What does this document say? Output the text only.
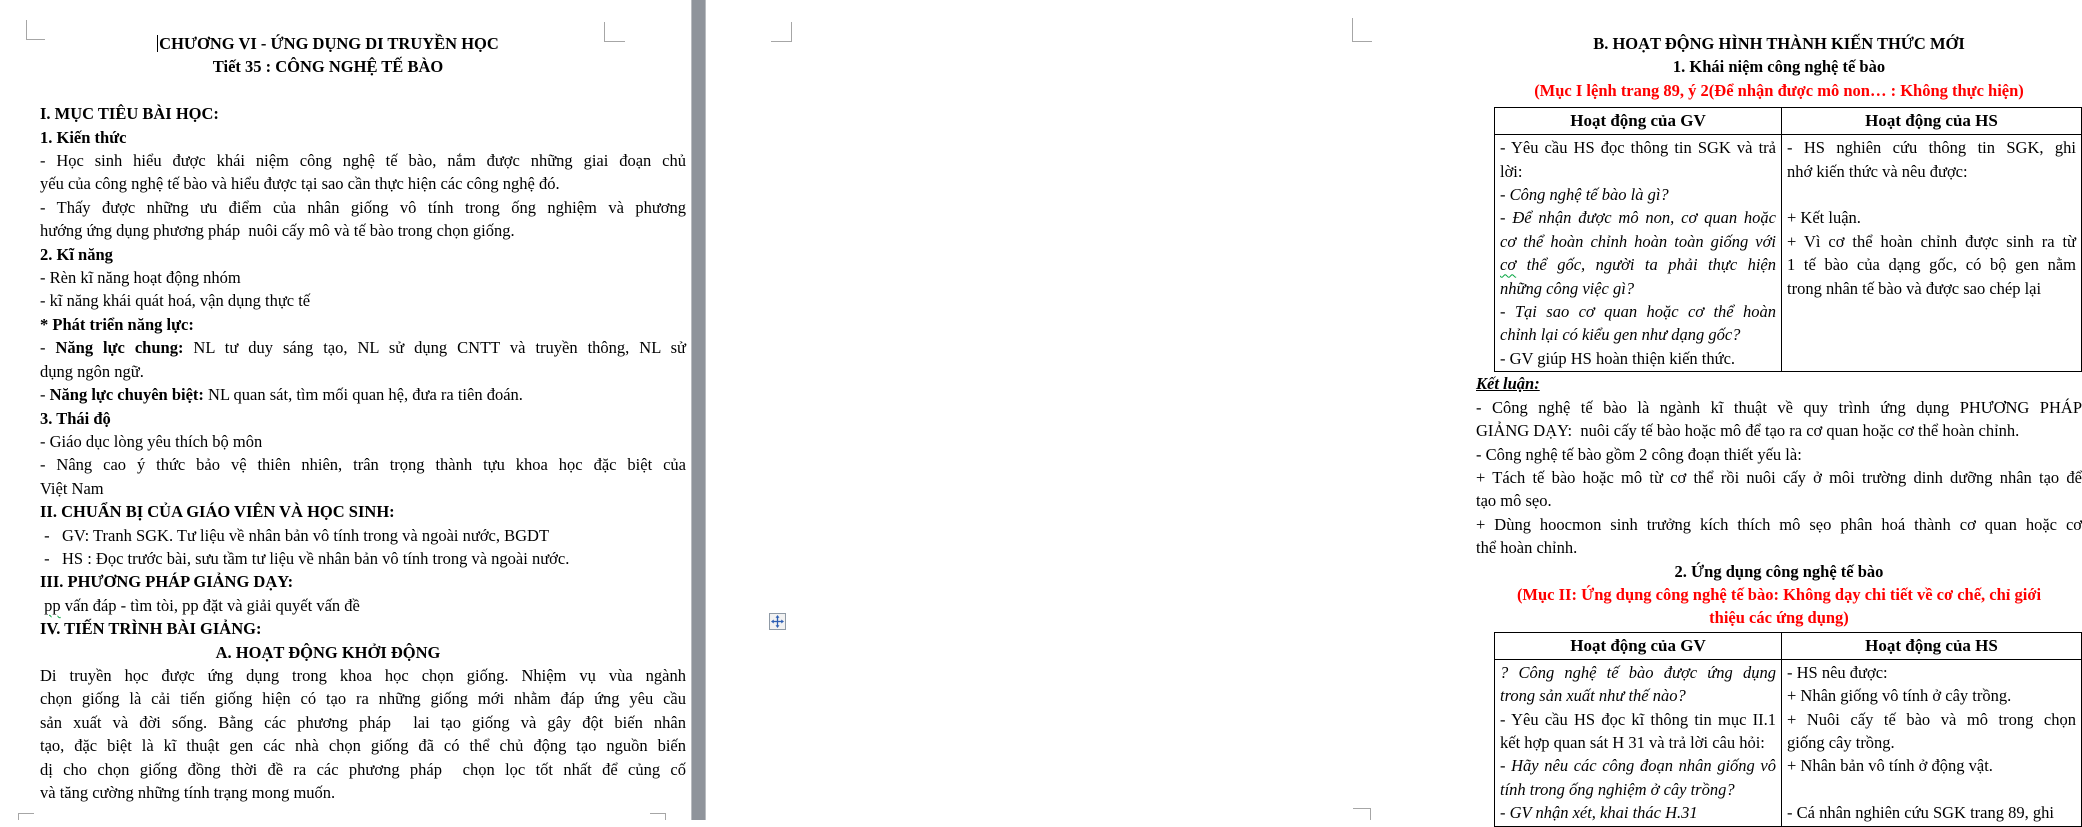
CHƯƠNG VI - ỨNG DỤNG DI TRUYỀN HỌC
Tiết 35 : CÔNG NGHỆ TẾ BÀO

I. MỤC TIÊU BÀI HỌC:
1. Kiến thức
- Học sinh hiểu được khái niệm công nghệ tế bào, nắm được những giai đoạn chủ
yếu của công nghệ tế bào và hiểu được tại sao cần thực hiện các công nghệ đó.
- Thấy được những ưu điểm của nhân giống vô tính trong ống nghiệm và phương
hướng ứng dụng phương pháp  nuôi cấy mô và tế bào trong chọn giống.
2. Kĩ năng
- Rèn kĩ năng hoạt động nhóm
- kĩ năng khái quát hoá, vận dụng thực tế
* Phát triển năng lực:
- Năng lực chung: NL tư duy sáng tạo, NL sử dụng CNTT và truyền thông, NL sử
dụng ngôn ngữ.
- Năng lực chuyên biệt: NL quan sát, tìm mối quan hệ, đưa ra tiên đoán.
3. Thái độ
- Giáo dục lòng yêu thích bộ môn
- Nâng cao ý thức bảo vệ thiên nhiên, trân trọng thành tựu khoa học đặc biệt của
Việt Nam
II. CHUẨN BỊ CỦA GIÁO VIÊN VÀ HỌC SINH:
-   GV: Tranh SGK. Tư liệu về nhân bản vô tính trong và ngoài nước, BGDT
-   HS : Đọc trước bài, sưu tầm tư liệu về nhân bản vô tính trong và ngoài nước.
III. PHƯƠNG PHÁP GIẢNG DẠY:
pp vấn đáp - tìm tòi, pp đặt và giải quyết vấn đề
IV. TIẾN TRÌNH BÀI GIẢNG:
A. HOẠT ĐỘNG KHỞI ĐỘNG
Di truyền học được ứng dụng trong khoa học chọn giống. Nhiệm vụ vùa ngành
chọn giống là cải tiến giống hiện có tạo ra những giống mới nhằm đáp ứng yêu cầu
sản xuất và đời sống. Bằng các phương pháp  lai tạo giống và gây đột biến nhân
tạo, đặc biệt là kĩ thuật gen các nhà chọn giống đã có thể chủ động tạo nguồn biến
dị cho chọn giống đồng thời đề ra các phương pháp  chọn lọc tốt nhất để củng cố
và tăng cường những tính trạng mong muốn.
B. HOẠT ĐỘNG HÌNH THÀNH KIẾN THỨC MỚI
1. Khái niệm công nghệ tế bào
(Mục I lệnh trang 89, ý 2(Để nhận được mô non… : Không thực hiện)
Hoạt động của GV	Hoạt động của HS

- Yêu cầu HS đọc thông tin SGK và trả
lời:
- Công nghệ tế bào là gì?
- Để nhận được mô non, cơ quan hoặc
cơ thể hoàn chỉnh hoàn toàn giống với
cơ thể gốc, người ta phải thực hiện
những công việc gì?
- Tại sao cơ quan hoặc cơ thể hoàn
chỉnh lại có kiểu gen như dạng gốc?
- GV giúp HS hoàn thiện kiến thức.

- HS nghiên cứu thông tin SGK, ghi
nhớ kiến thức và nêu được:

+ Kết luận.
+ Vì cơ thể hoàn chỉnh được sinh ra từ
1 tế bào của dạng gốc, có bộ gen nằm
trong nhân tế bào và được sao chép lại
Kết luận:
- Công nghệ tế bào là ngành kĩ thuật về quy trình ứng dụng PHƯƠNG PHÁP
GIẢNG DẠY:  nuôi cấy tế bào hoặc mô để tạo ra cơ quan hoặc cơ thể hoàn chỉnh.
- Công nghệ tế bào gồm 2 công đoạn thiết yếu là:
+ Tách tế bào hoặc mô từ cơ thể rồi nuôi cấy ở môi trường dinh dưỡng nhân tạo để
tạo mô sẹo.
+ Dùng hoocmon sinh trưởng kích thích mô sẹo phân hoá thành cơ quan hoặc cơ
thể hoàn chỉnh.
2. Ứng dụng công nghệ tế bào
(Mục II: Ứng dụng công nghệ tế bào: Không dạy chi tiết về cơ chế, chỉ giới
thiệu các ứng dụng)
Hoạt động của GV	Hoạt động của HS

? Công nghệ tế bào được ứng dụng
trong sản xuất như thế nào?
- Yêu cầu HS đọc kĩ thông tin mục II.1
kết hợp quan sát H 31 và trả lời câu hỏi:
- Hãy nêu các công đoạn nhân giống vô
tính trong ống nghiệm ở cây trồng?
- GV nhận xét, khai thác H.31

- HS nêu được:
+ Nhân giống vô tính ở cây trồng.
+ Nuôi cấy tế bào và mô trong chọn
giống cây trồng.
+ Nhân bản vô tính ở động vật.

- Cá nhân nghiên cứu SGK trang 89, ghi
